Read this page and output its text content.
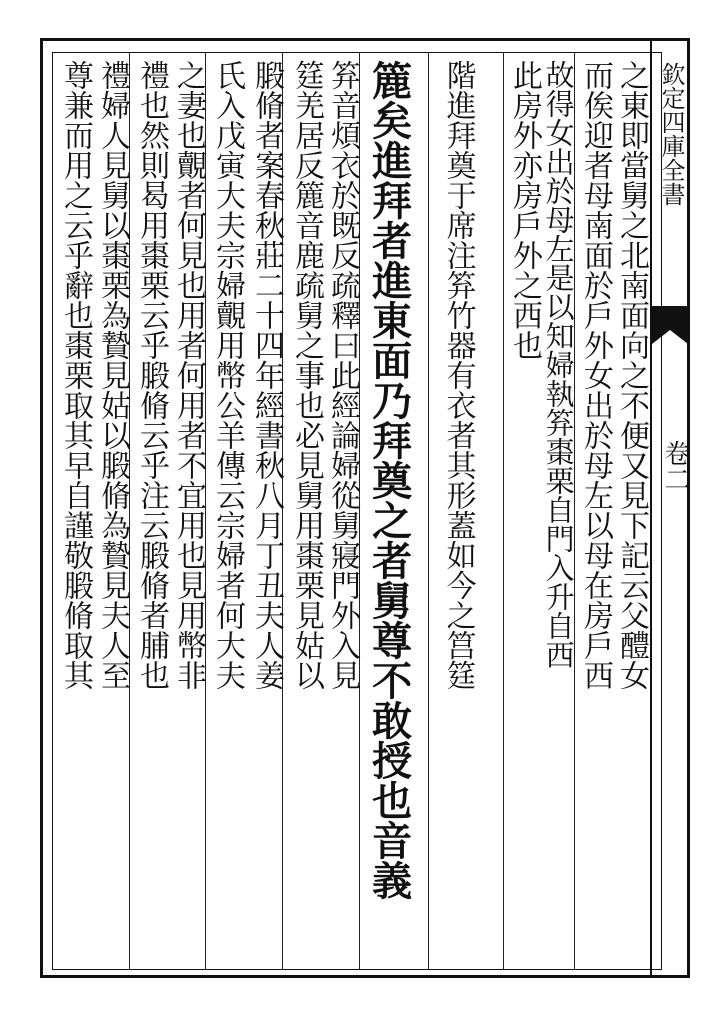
欽定四庫全書
卷二
之東即當舅之北南面向之不便又見下記云父醴女
而俟迎者母南面於戶外女出於母左以母在房戶西
故得女出於母左是以知婦執笲棗栗自門入升自西
此房外亦房戶外之西也
階進拜奠于席注笲竹器有衣者其形蓋如今之筥筳
簏矣進拜者進東面乃拜奠之者舅尊不敢授也音義
笲音煩衣於既反疏釋曰此經論婦從舅寢門外入見
筳羌居反簏音鹿疏舅之事也必見舅用棗栗見姑以
腶脩者案春秋莊二十四年經書秋八月丁丑夫人姜
氏入戊寅大夫宗婦覿用幣公羊傳云宗婦者何大夫
之妻也覿者何見也用者何用者不宜用也見用幣非
禮也然則曷用棗栗云乎腶脩云乎注云腶脩者脯也
禮婦人見舅以棗栗為贄見姑以腶脩為贄見夫人至
尊兼而用之云乎辭也棗栗取其早自謹敬腶脩取其
